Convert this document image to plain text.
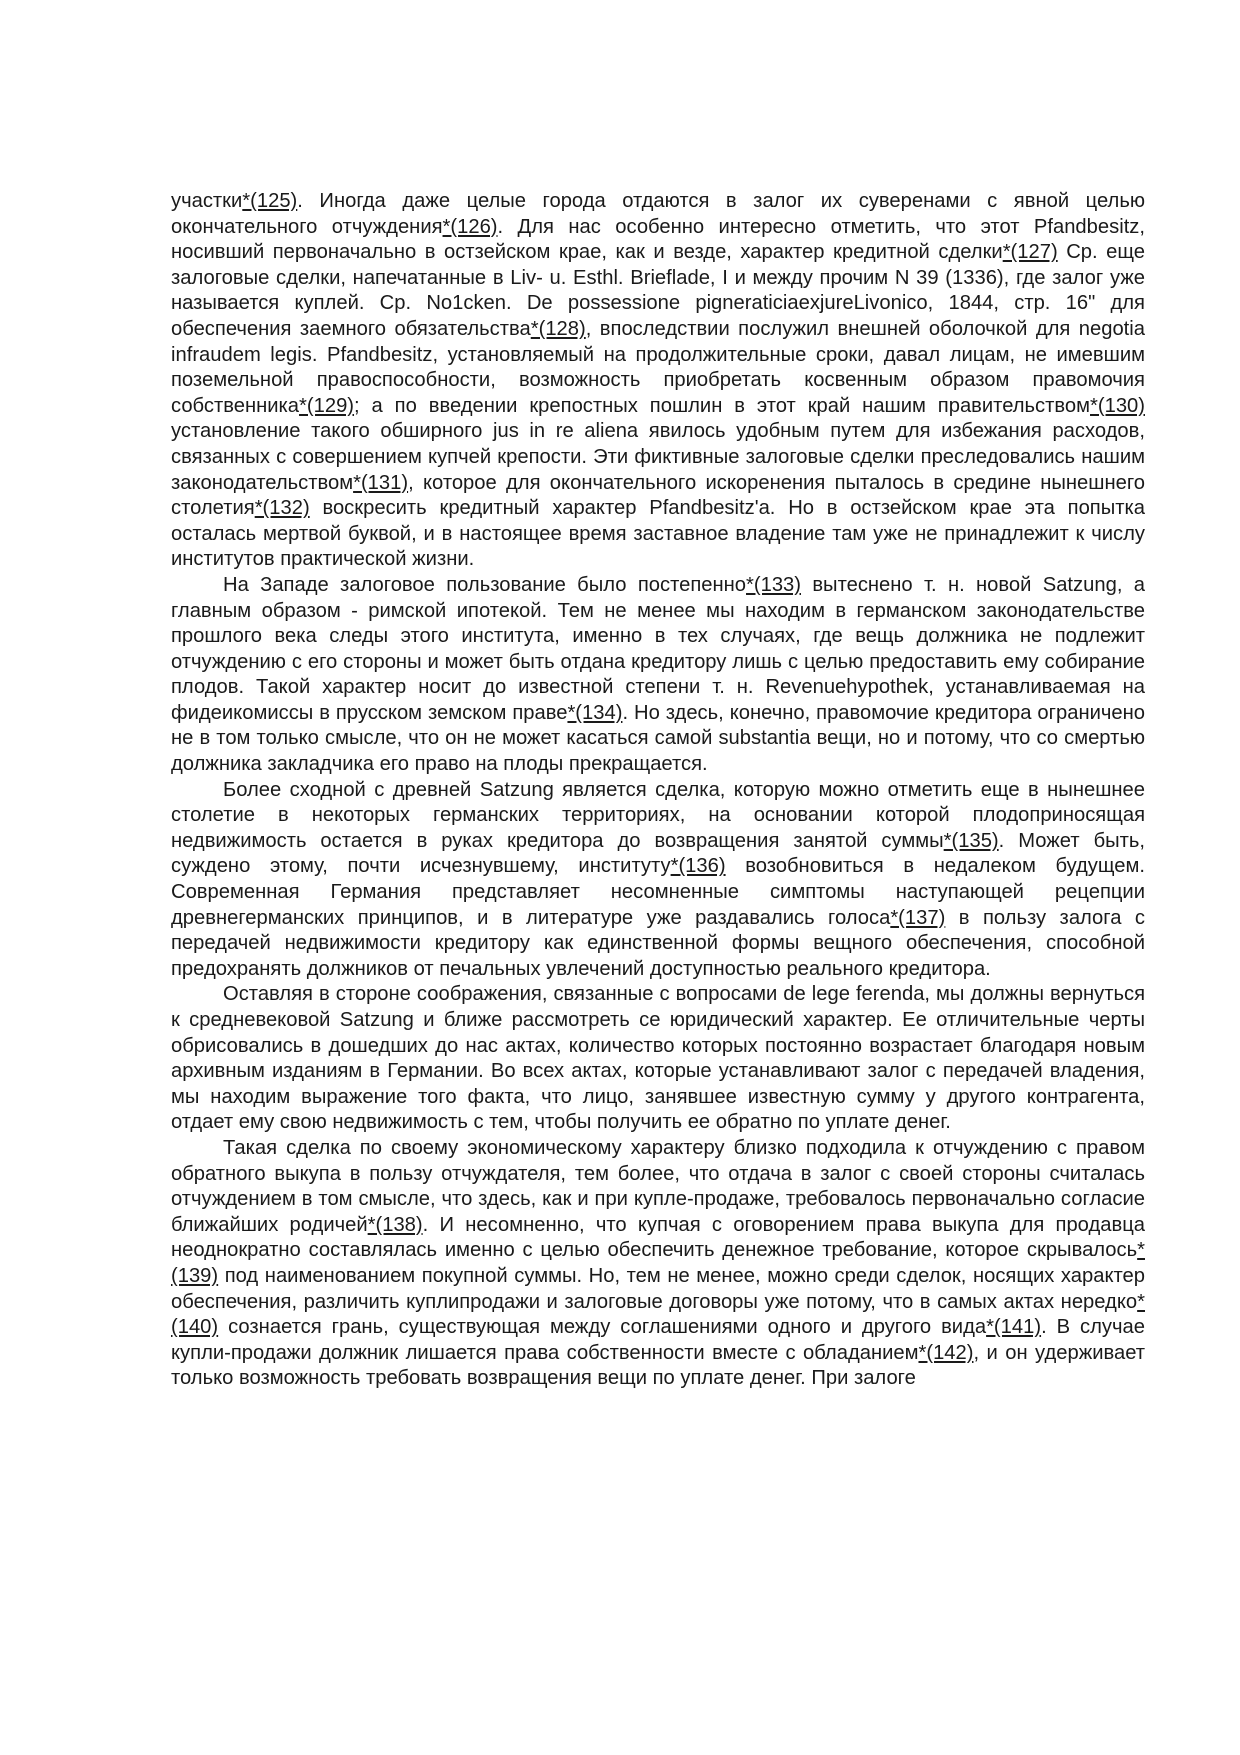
участки*(125). Иногда даже целые города отдаются в залог их суверенами с явной целью окончательного отчуждения*(126). Для нас особенно интересно отметить, что этот Pfandbesitz, носивший первоначально в остзейском крае, как и везде, характер кредитной сделки*(127) Ср. еще залоговые сделки, напечатанные в Liv- u. Esthl. Brieflade, I и между прочим N 39 (1336), где залог уже называется куплей. Ср. No1cken. De possessione pigneraticiaexjureLivonico, 1844, стр. 16" для обеспечения заемного обязательства*(128), впоследствии послужил внешней оболочкой для negotia infraudem legis. Pfandbesitz, установляемый на продолжительные сроки, давал лицам, не имевшим поземельной правоспособности, возможность приобретать косвенным образом правомочия собственника*(129); а по введении крепостных пошлин в этот край нашим правительством*(130) установление такого обширного jus in re aliena явилось удобным путем для избежания расходов, связанных с совершением купчей крепости. Эти фиктивные залоговые сделки преследовались нашим законодательством*(131), которое для окончательного искоренения пыталось в средине нынешнего столетия*(132) воскресить кредитный характер Pfandbesitz'a. Но в остзейском крае эта попытка осталась мертвой буквой, и в настоящее время заставное владение там уже не принадлежит к числу институтов практической жизни.

На Западе залоговое пользование было постепенно*(133) вытеснено т. н. новой Satzung, а главным образом - римской ипотекой. Тем не менее мы находим в германском законодательстве прошлого века следы этого института, именно в тех случаях, где вещь должника не подлежит отчуждению с его стороны и может быть отдана кредитору лишь с целью предоставить ему собирание плодов. Такой характер носит до известной степени т. н. Revenuehypothek, устанавливаемая на фидеикомиссы в прусском земском праве*(134). Но здесь, конечно, правомочие кредитора ограничено не в том только смысле, что он не может касаться самой substantia вещи, но и потому, что со смертью должника закладчика его право на плоды прекращается.

Более сходной с древней Satzung является сделка, которую можно отметить еще в нынешнее столетие в некоторых германских территориях, на основании которой плодоприносящая недвижимость остается в руках кредитора до возвращения занятой суммы*(135). Может быть, суждено этому, почти исчезнувшему, институту*(136) возобновиться в недалеком будущем. Современная Германия представляет несомненные симптомы наступающей рецепции древнегерманских принципов, и в литературе уже раздавались голоса*(137) в пользу залога с передачей недвижимости кредитору как единственной формы вещного обеспечения, способной предохранять должников от печальных увлечений доступностью реального кредитора.

Оставляя в стороне соображения, связанные с вопросами de lege ferenda, мы должны вернуться к средневековой Satzung и ближе рассмотреть се юридический характер. Ее отличительные черты обрисовались в дошедших до нас актах, количество которых постоянно возрастает благодаря новым архивным изданиям в Германии. Во всех актах, которые устанавливают залог с передачей владения, мы находим выражение того факта, что лицо, занявшее известную сумму у другого контрагента, отдает ему свою недвижимость с тем, чтобы получить ее обратно по уплате денег.

Такая сделка по своему экономическому характеру близко подходила к отчуждению с правом обратного выкупа в пользу отчуждателя, тем более, что отдача в залог с своей стороны считалась отчуждением в том смысле, что здесь, как и при купле-продаже, требовалось первоначально согласие ближайших родичей*(138). И несомненно, что купчая с оговорением права выкупа для продавца неоднократно составлялась именно с целью обеспечить денежное требование, которое скрывалось*(139) под наименованием покупной суммы. Но, тем не менее, можно среди сделок, носящих характер обеспечения, различить куплипродажи и залоговые договоры уже потому, что в самых актах нередко*(140) сознается грань, существующая между соглашениями одного и другого вида*(141). В случае купли-продажи должник лишается права собственности вместе с обладанием*(142), и он удерживает только возможность требовать возвращения вещи по уплате денег. При залоге
